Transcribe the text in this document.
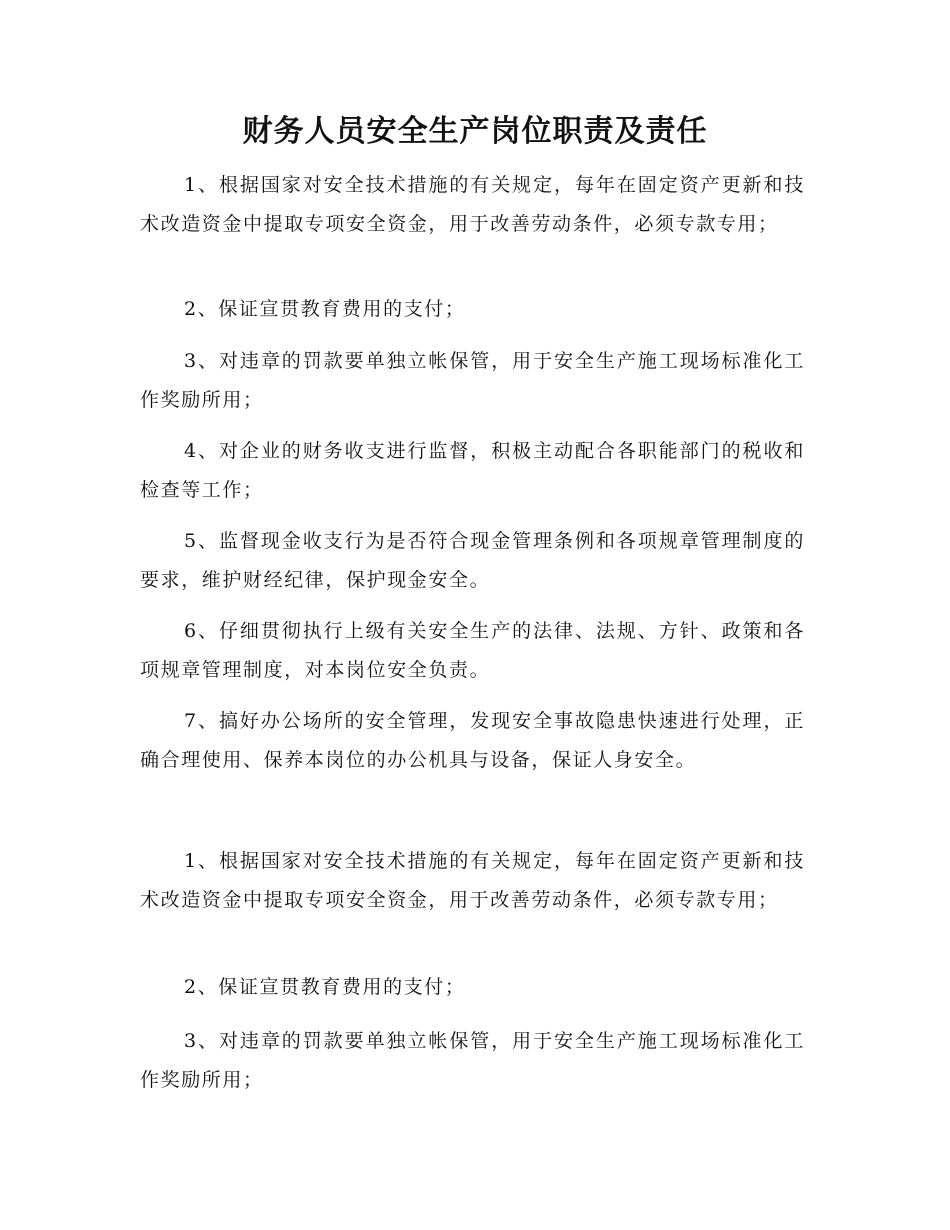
财务人员安全生产岗位职责及责任

1、根据国家对安全技术措施的有关规定，每年在固定资产更新和技术改造资金中提取专项安全资金，用于改善劳动条件，必须专款专用；

2、保证宣贯教育费用的支付；

3、对违章的罚款要单独立帐保管，用于安全生产施工现场标准化工作奖励所用；

4、对企业的财务收支进行监督，积极主动配合各职能部门的税收和检查等工作；

5、监督现金收支行为是否符合现金管理条例和各项规章管理制度的要求，维护财经纪律，保护现金安全。

6、仔细贯彻执行上级有关安全生产的法律、法规、方针、政策和各项规章管理制度，对本岗位安全负责。

7、搞好办公场所的安全管理，发现安全事故隐患快速进行处理，正确合理使用、保养本岗位的办公机具与设备，保证人身安全。

1、根据国家对安全技术措施的有关规定，每年在固定资产更新和技术改造资金中提取专项安全资金，用于改善劳动条件，必须专款专用；

2、保证宣贯教育费用的支付；

3、对违章的罚款要单独立帐保管，用于安全生产施工现场标准化工作奖励所用；
